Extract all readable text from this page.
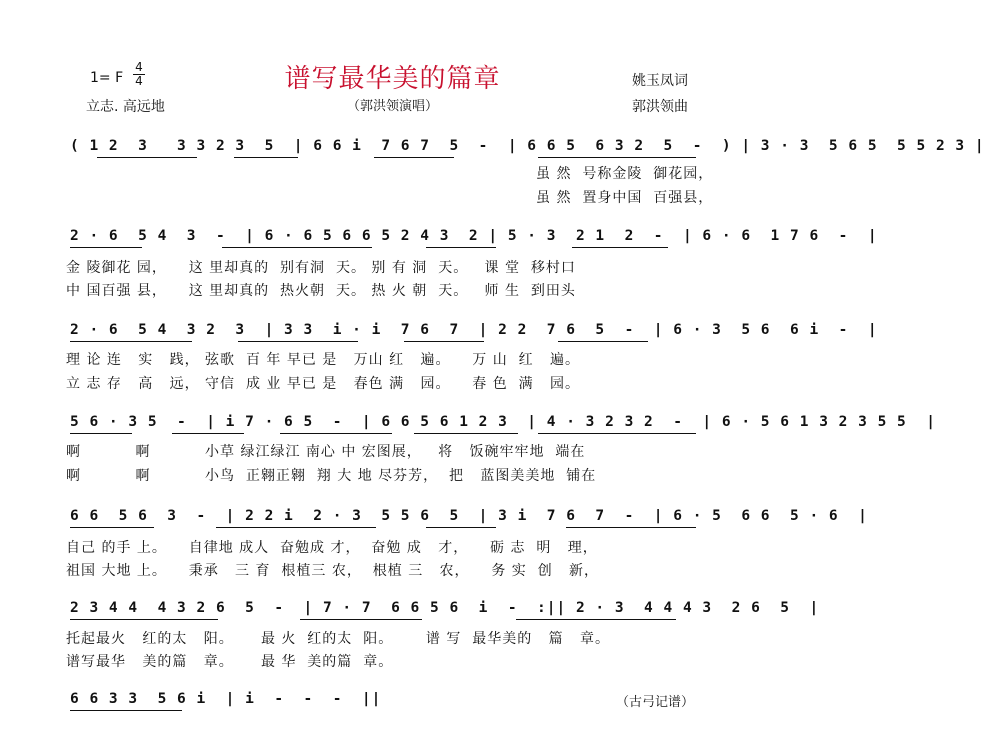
1= F
4
4	谱写最华美的篇章
（郭洪领演唱）
姚玉凤词
郭洪领曲
立志. 高远地
( 1 2  3   3 3 2 3  5  | 6 6 i  7 6 7  5  -  | 6 6 5  6 3 2  5  -  ) | 3 · 3  5 6 5  5 5 2 3 |
虽 然  号称金陵  御花园，
虽 然  置身中国  百强县，
2 · 6  5 4  3  -  | 6 · 6 5 6 6 5 2 4 3  2 | 5 · 3  2 1  2  -  | 6 · 6  1 7 6  -  |
金 陵御花 园，    这 里却真的  别有洞  天。 别 有 洞  天。   课 堂  移村口
中 国百强 县，    这 里却真的  热火朝  天。 热 火 朝  天。   师 生  到田头
2 · 6  5 4  3 2  3  | 3 3  i · i  7 6  7  | 2 2  7 6  5  -  | 6 · 3  5 6  6 i  -  |
理 论 连   实   践， 弦歌  百 年 早已 是   万山 红   遍。    万 山  红   遍。
立 志 存   高   远， 守信  成 业 早已 是   春色 满   园。    春 色  满   园。
5 6 · 3 5  -  | i 7 · 6 5  -  | 6 6 5 6 1 2 3  | 4 · 3 2 3 2  -  | 6 · 5 6 1 3 2 3 5 5  |
啊          啊          小草 绿江绿江 南心 中 宏图展，   将   饭碗牢牢地  端在
啊          啊          小鸟  正翱正翱  翔 大 地 尽芬芳，  把   蓝图美美地  铺在
6 6  5 6  3  -  | 2 2 i  2 · 3  5 5 6  5  | 3 i  7 6  7  -  | 6 · 5  6 6  5 · 6  |
自己 的手 上。    自律地 成人  奋勉成 才，  奋勉 成   才，    砺 志  明   理，
祖国 大地 上。    秉承   三 育  根植三 农，  根植 三   农，    务 实  创   新，
2 3 4 4  4 3 2 6  5  -  | 7 · 7  6 6 5 6  i  -  :|| 2 · 3  4 4 4 3  2 6  5  |
托起最火   红的太   阳。     最 火  红的太  阳。      谱 写  最华美的   篇   章。
谱写最华   美的篇   章。     最 华  美的篇  章。
6 6 3 3  5 6 i  | i  -  -  -  ||	（古弓记谱）
